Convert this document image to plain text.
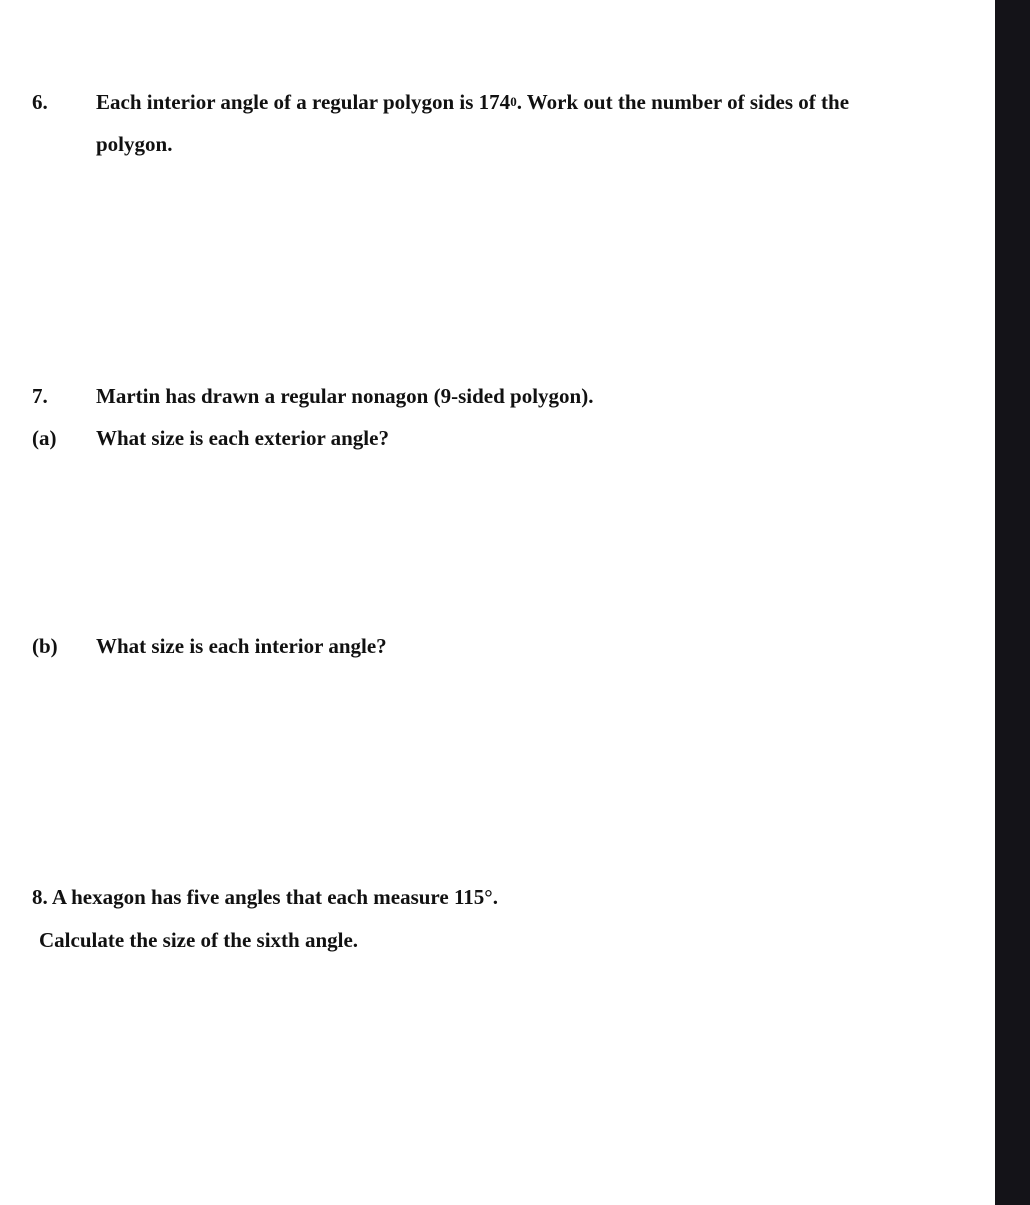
6. Each interior angle of a regular polygon is $174^0$. Work out the number of sides of the
polygon.
7. Martin has drawn a regular nonagon (9-sided polygon).
(a) What size is each exterior angle?
(b) What size is each interior angle?
8. A hexagon has five angles that each measure 115°.
Calculate the size of the sixth angle.
